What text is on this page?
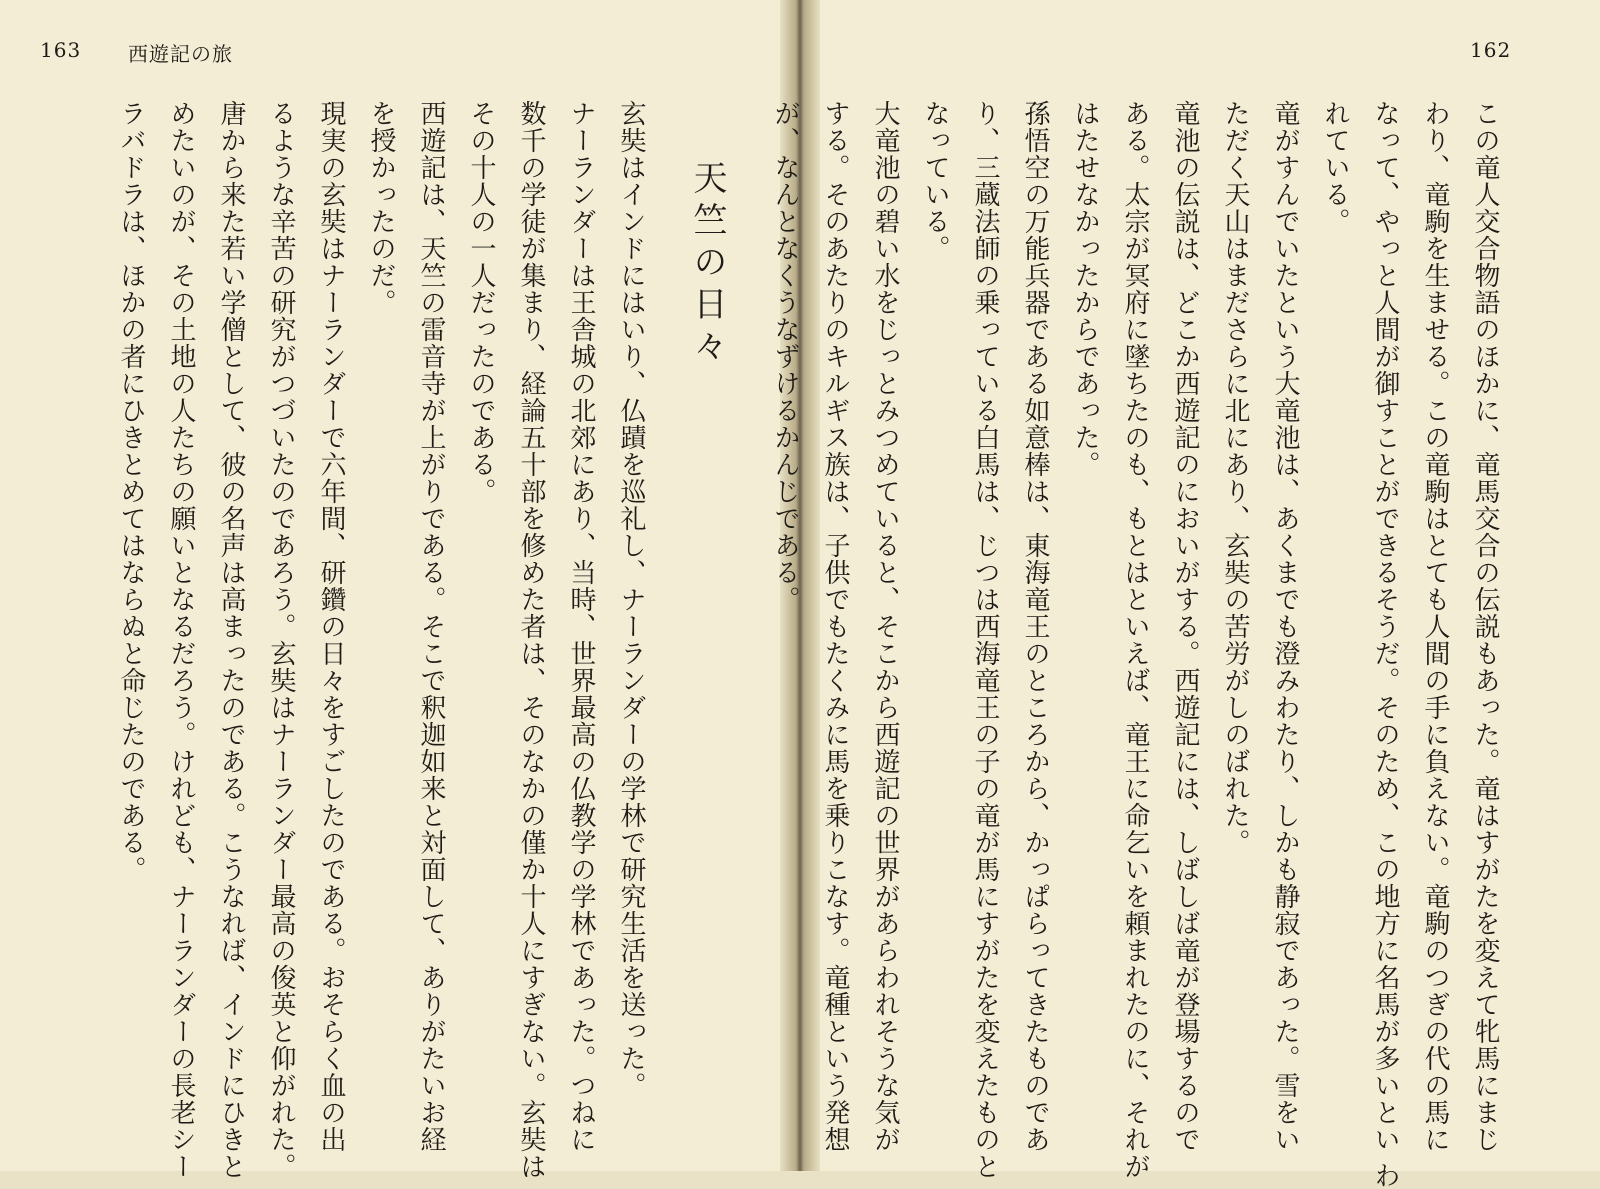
163 西遊記の旅
天竺の日々
玄奘はインドにはいり、仏蹟を巡礼し、ナーランダーの学林で研究生活を送った。
ナーランダーは王舎城の北郊にあり、当時、世界最高の仏教学の学林であった。つねに
数千の学徒が集まり、経論五十部を修めた者は、そのなかの僅か十人にすぎない。玄奘は
その十人の一人だったのである。
西遊記は、天竺の雷音寺が上がりである。そこで釈迦如来と対面して、ありがたいお経
を授かったのだ。
現実の玄奘はナーランダーで六年間、研鑽の日々をすごしたのである。おそらく血の出
るような辛苦の研究がつづいたのであろう。玄奘はナーランダー最高の俊英と仰がれた。
唐から来た若い学僧として、彼の名声は高まったのである。こうなれば、インドにひきと
めたいのが、その土地の人たちの願いとなるだろう。けれども、ナーランダーの長老シー
ラバドラは、ほかの者にひきとめてはならぬと命じたのである。
162
この竜人交合物語のほかに、竜馬交合の伝説もあった。竜はすがたを変えて牝馬にまじ
わり、竜駒を生ませる。この竜駒はとても人間の手に負えない。竜駒のつぎの代の馬に
なって、やっと人間が御すことができるそうだ。そのため、この地方に名馬が多いとい わ
れている。
竜がすんでいたという大竜池は、あくまでも澄みわたり、しかも静寂であった。雪をい
ただく天山はまださらに北にあり、玄奘の苦労がしのばれた。
竜池の伝説は、どこか西遊記のにおいがする。西遊記には、しばしば竜が登場するので
ある。太宗が冥府に墜ちたのも、もとはといえば、竜王に命乞いを頼まれたのに、それが
はたせなかったからであった。
孫悟空の万能兵器である如意棒は、東海竜王のところから、かっぱらってきたものであ
り、三蔵法師の乗っている白馬は、じつは西海竜王の子の竜が馬にすがたを変えたものと
なっている。
大竜池の碧い水をじっとみつめていると、そこから西遊記の世界があらわれそうな気が
する。そのあたりのキルギス族は、子供でもたくみに馬を乗りこなす。竜種という発想
が、なんとなくうなずけるかんじである。
